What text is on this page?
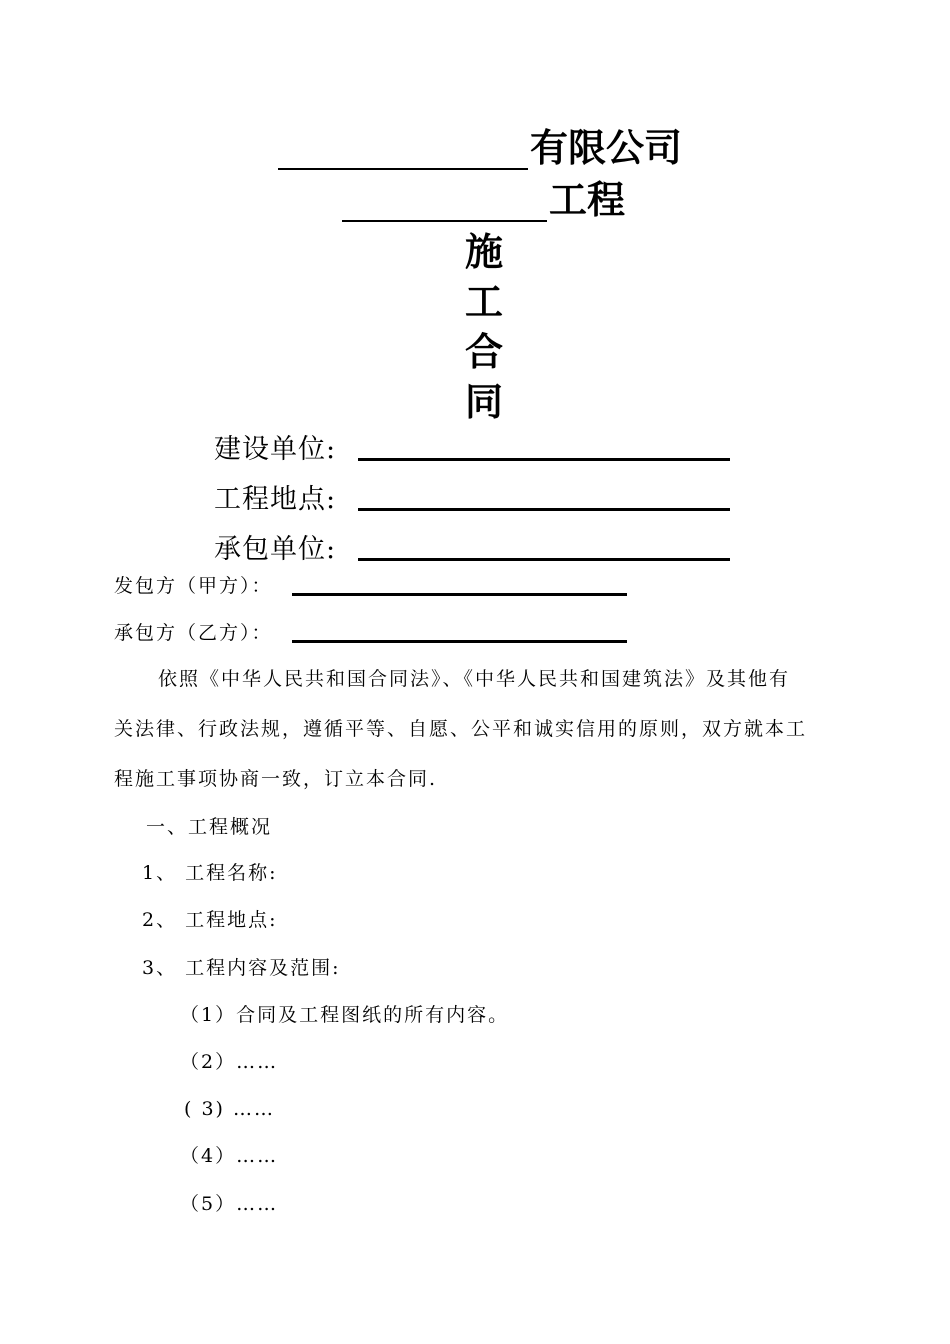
有限公司
工程
施
工
合
同
建设单位:
工程地点:
承包单位:
发包方（甲方）：
承包方（乙方）：
依照《中华人民共和国合同法》、《中华人民共和国建筑法》及其他有
关法律、行政法规，遵循平等、自愿、公平和诚实信用的原则，双方就本工
程施工事项协商一致，订立本合同.
一、工程概况
1、 工程名称:
2、 工程地点:
3、 工程内容及范围:
（1）合同及工程图纸的所有内容。
（2）……
( 3) ……
（4）……
（5）……
